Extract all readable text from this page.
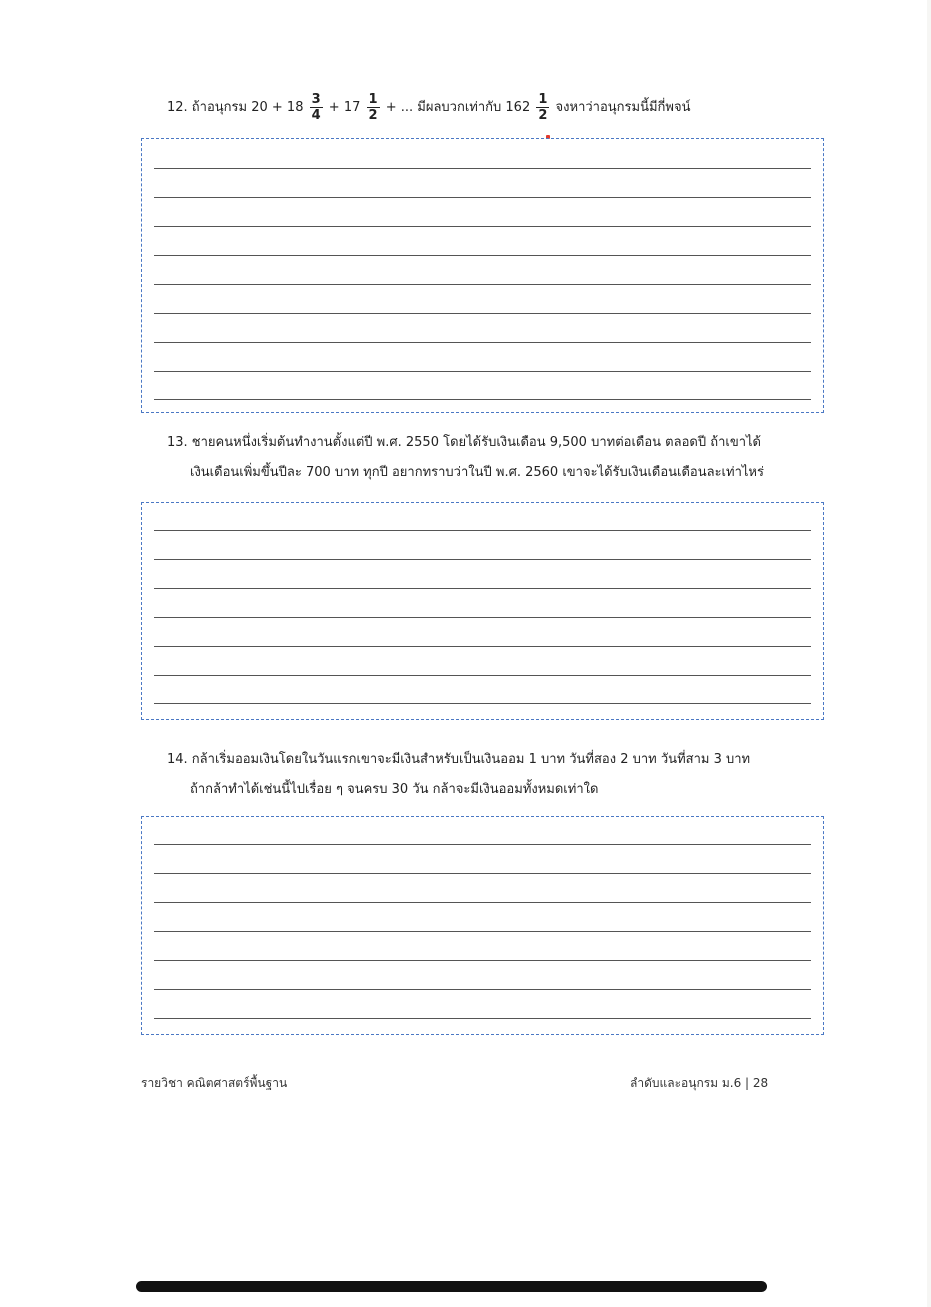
12. ถ้าอนุกรม $20 + 18 \frac{3}{4} + 17 \frac{1}{2}$ + ... มีผลบวกเท่ากับ $162 \frac{1}{2}$ จงหาว่าอนุกรมนี้มีกี่พจน์
13. ชายคนหนึ่งเริ่มต้นทำงานตั้งแต่ปี พ.ศ. 2550 โดยได้รับเงินเดือน 9,500 บาทต่อเดือน ตลอดปี ถ้าเขาได้
เงินเดือนเพิ่มขึ้นปีละ 700 บาท ทุกปี อยากทราบว่าในปี พ.ศ. 2560 เขาจะได้รับเงินเดือนเดือนละเท่าไหร่
14. กล้าเริ่มออมเงินโดยในวันแรกเขาจะมีเงินสำหรับเป็นเงินออม 1 บาท วันที่สอง 2 บาท วันที่สาม 3 บาท
ถ้ากล้าทำได้เช่นนี้ไปเรื่อย ๆ จนครบ 30 วัน กล้าจะมีเงินออมทั้งหมดเท่าใด
รายวิชา คณิตศาสตร์พื้นฐาน	ลำดับและอนุกรม ม.6 | 28
